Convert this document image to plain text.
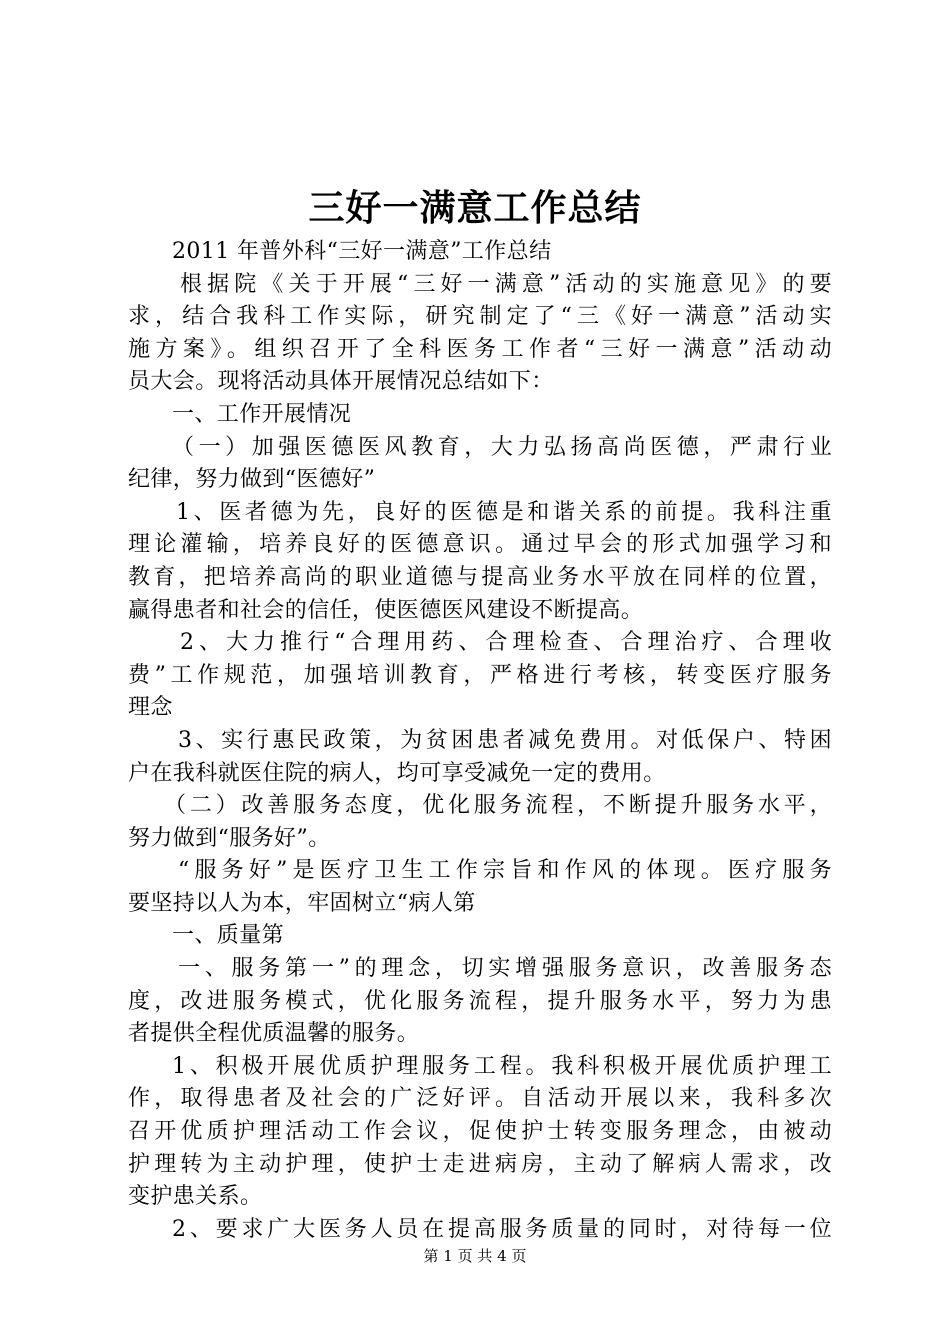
三好一满意工作总结
2011 年普外科“三好一满意”工作总结
根据院《关于开展“三好一满意”活动的实施意见》的要
求，结合我科工作实际，研究制定了“三《好一满意”活动实
施方案》。组织召开了全科医务工作者“三好一满意”活动动
员大会。现将活动具体开展情况总结如下：
一、工作开展情况
（一）加强医德医风教育，大力弘扬高尚医德，严肃行业
纪律，努力做到“医德好”
1、医者德为先，良好的医德是和谐关系的前提。我科注重
理论灌输，培养良好的医德意识。通过早会的形式加强学习和
教育，把培养高尚的职业道德与提高业务水平放在同样的位置，
赢得患者和社会的信任，使医德医风建设不断提高。
2、大力推行“合理用药、合理检查、合理治疗、合理收
费”工作规范，加强培训教育，严格进行考核，转变医疗服务
理念
3、实行惠民政策，为贫困患者减免费用。对低保户、特困
户在我科就医住院的病人，均可享受减免一定的费用。
（二）改善服务态度，优化服务流程，不断提升服务水平，
努力做到“服务好”。
“服务好”是医疗卫生工作宗旨和作风的体现。医疗服务
要坚持以人为本，牢固树立“病人第
一、质量第
一、服务第一”的理念，切实增强服务意识，改善服务态
度，改进服务模式，优化服务流程，提升服务水平，努力为患
者提供全程优质温馨的服务。
1、积极开展优质护理服务工程。我科积极开展优质护理工
作，取得患者及社会的广泛好评。自活动开展以来，我科多次
召开优质护理活动工作会议，促使护士转变服务理念，由被动
护理转为主动护理，使护士走进病房，主动了解病人需求，改
变护患关系。
2、要求广大医务人员在提高服务质量的同时，对待每一位
第 1 页 共 4 页
